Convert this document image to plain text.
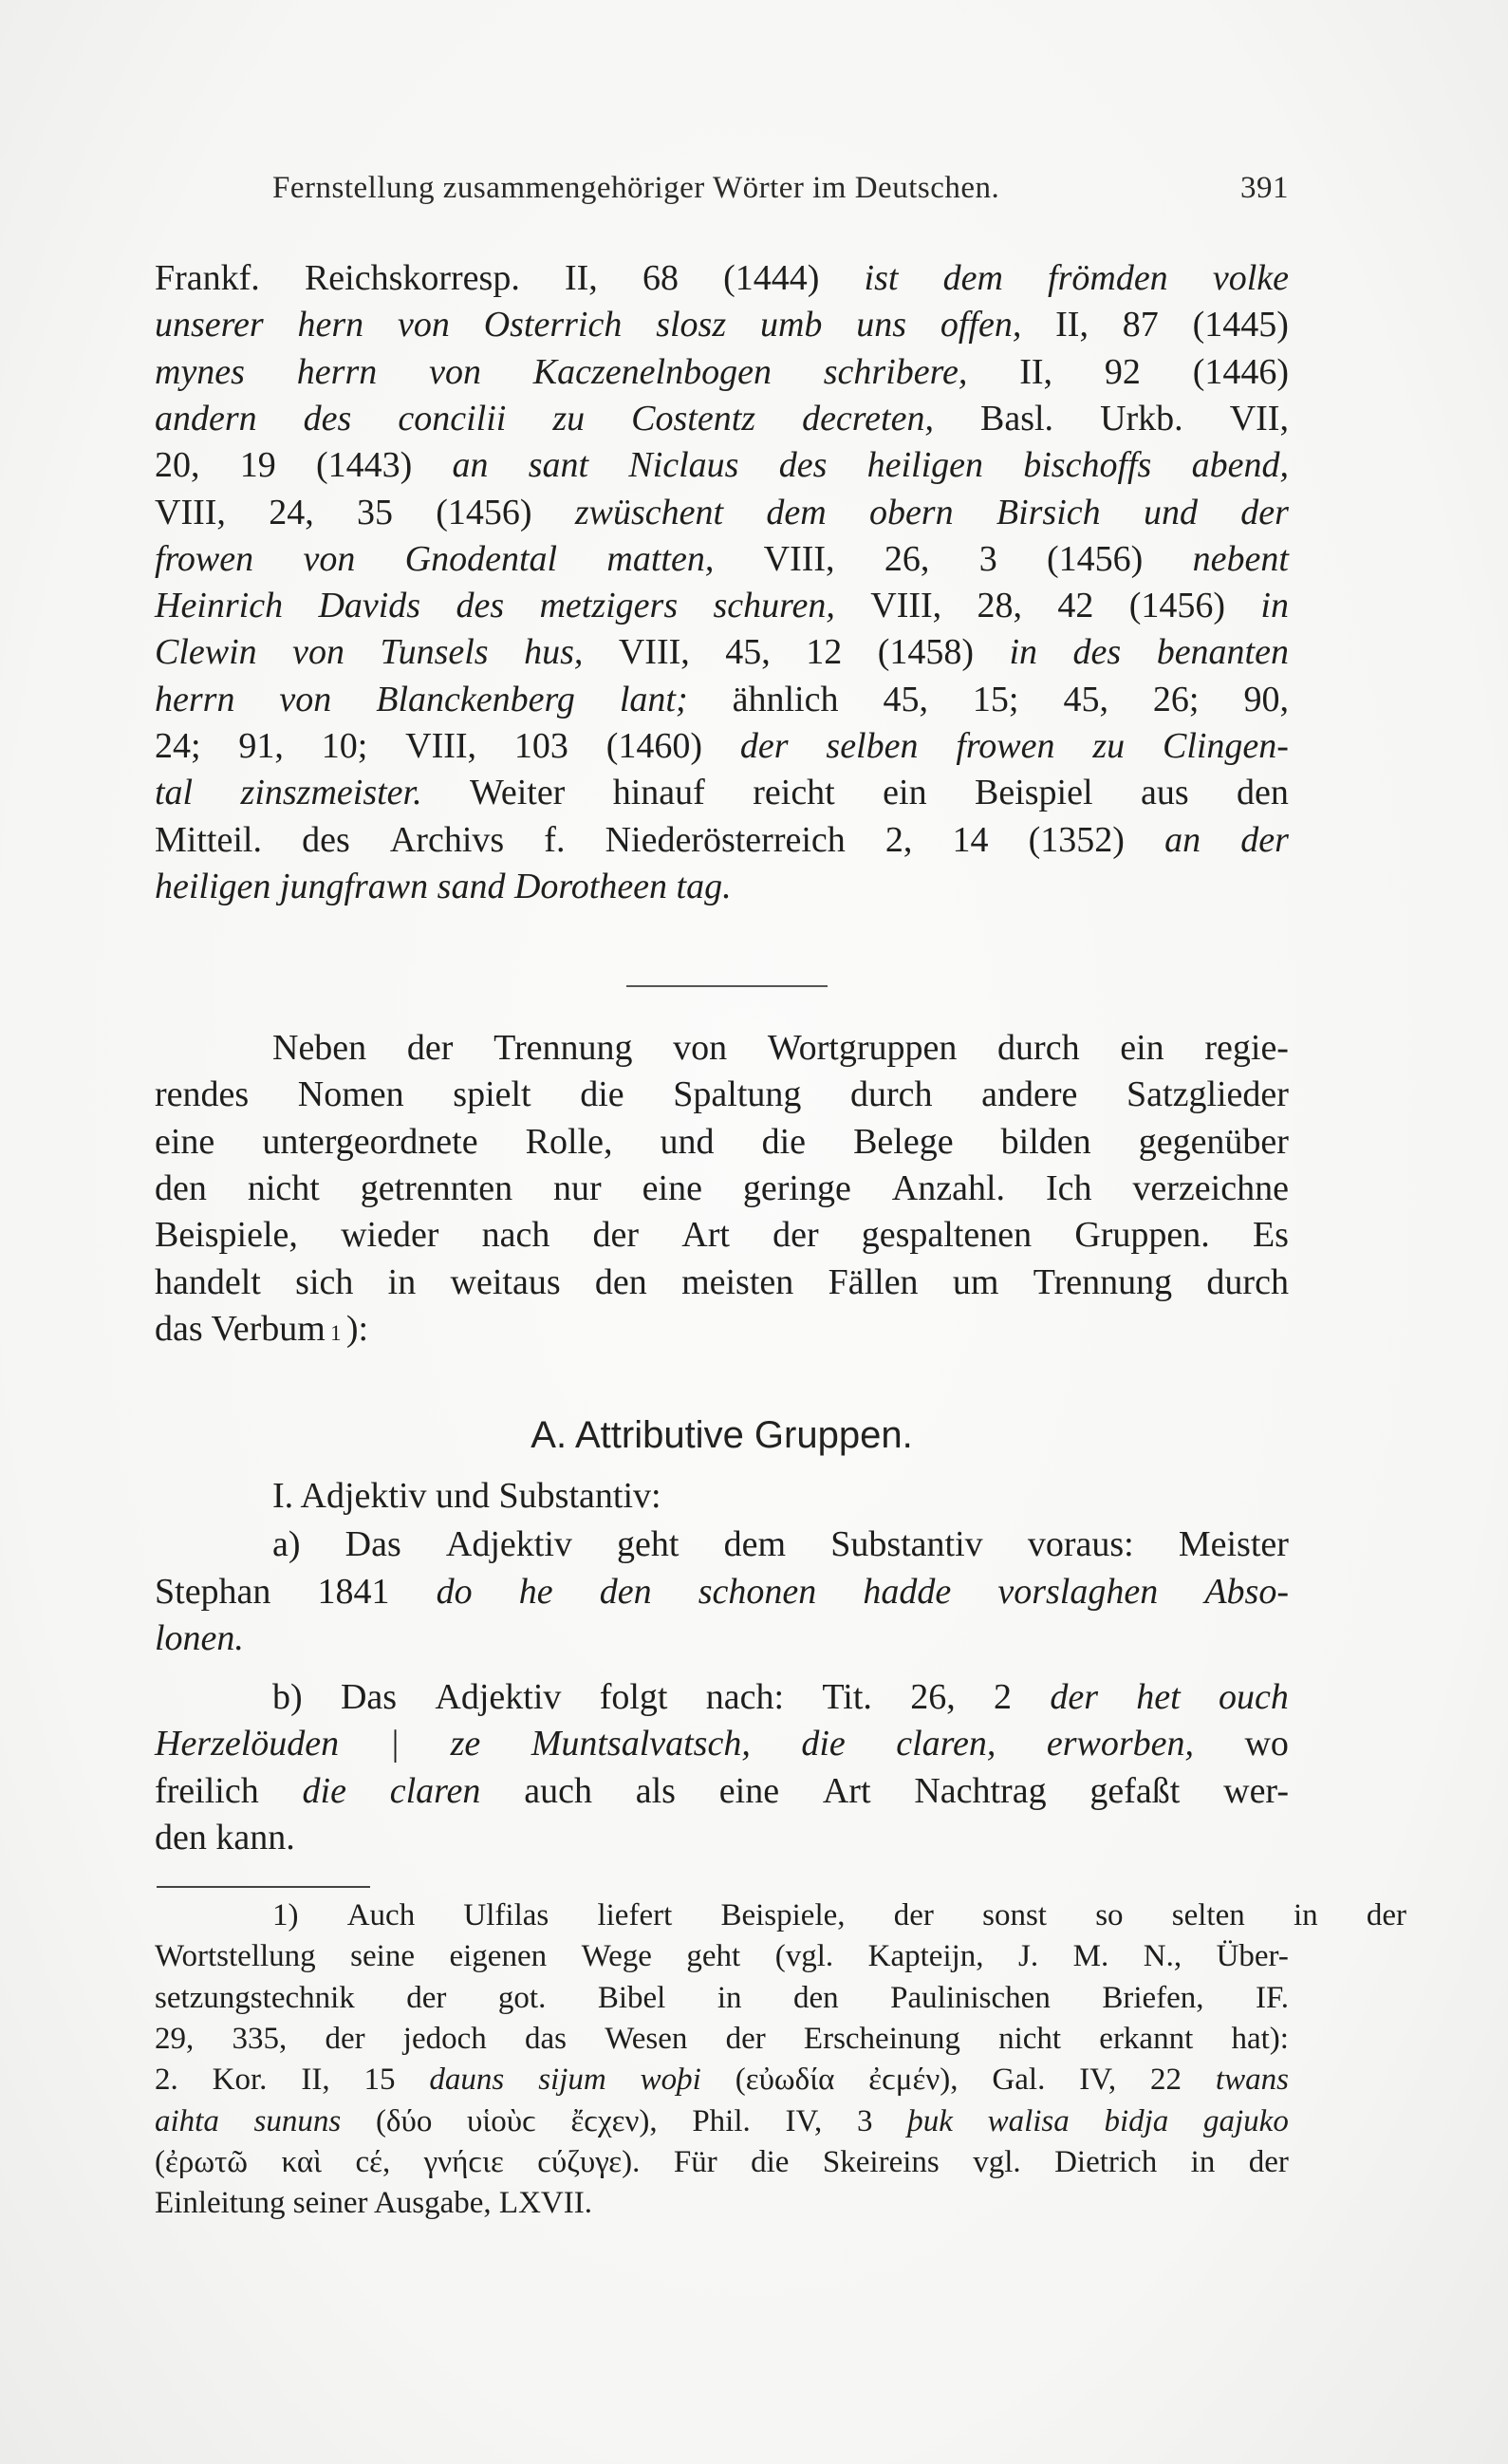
Fernstellung zusammengehöriger Wörter im Deutschen.	391
Frankf. Reichskorresp. II, 68 (1444) ist dem frömden volke
unserer hern von Osterrich slosz umb uns offen, II, 87 (1445)
mynes herrn von Kaczenelnbogen schribere, II, 92 (1446)
andern des concilii zu Costentz decreten, Basl. Urkb. VII,
20, 19 (1443) an sant Niclaus des heiligen bischoffs abend,
VIII, 24, 35 (1456) zwüschent dem obern Birsich und der
frowen von Gnodental matten, VIII, 26, 3 (1456) nebent
Heinrich Davids des metzigers schuren, VIII, 28, 42 (1456) in
Clewin von Tunsels hus, VIII, 45, 12 (1458) in des benanten
herrn von Blanckenberg lant; ähnlich 45, 15; 45, 26; 90,
24; 91, 10; VIII, 103 (1460) der selben frowen zu Clingen-
tal zinszmeister. Weiter hinauf reicht ein Beispiel aus den
Mitteil. des Archivs f. Niederösterreich 2, 14 (1352) an der
heiligen jungfrawn sand Dorotheen tag.
Neben der Trennung von Wortgruppen durch ein regie-
rendes Nomen spielt die Spaltung durch andere Satzglieder
eine untergeordnete Rolle, und die Belege bilden gegenüber
den nicht getrennten nur eine geringe Anzahl. Ich verzeichne
Beispiele, wieder nach der Art der gespaltenen Gruppen. Es
handelt sich in weitaus den meisten Fällen um Trennung durch
das Verbum 1 ):
A. Attributive Gruppen.
I. Adjektiv und Substantiv:
a) Das Adjektiv geht dem Substantiv voraus: Meister
Stephan 1841 do he den schonen hadde vorslaghen Abso-
lonen.
b) Das Adjektiv folgt nach: Tit. 26, 2 der het ouch
Herzelöuden | ze Muntsalvatsch, die claren, erworben, wo
freilich die claren auch als eine Art Nachtrag gefaßt wer-
den kann.
1) Auch Ulfilas liefert Beispiele, der sonst so selten in der
Wortstellung seine eigenen Wege geht (vgl. Kapteijn, J. M. N., Über-
setzungstechnik der got. Bibel in den Paulinischen Briefen, IF.
29, 335, der jedoch das Wesen der Erscheinung nicht erkannt hat):
2. Kor. II, 15 dauns sijum woþi (εὐωδία ἐϲμέν), Gal. IV, 22 twans
aihta sununs (δύο υἱοὺϲ ἔϲχεν), Phil. IV, 3 þuk walisa bidja gajuko
(ἐρωτῶ καὶ cέ, γνήϲιε ϲύζυγε). Für die Skeireins vgl. Dietrich in der
Einleitung seiner Ausgabe, LXVII.
